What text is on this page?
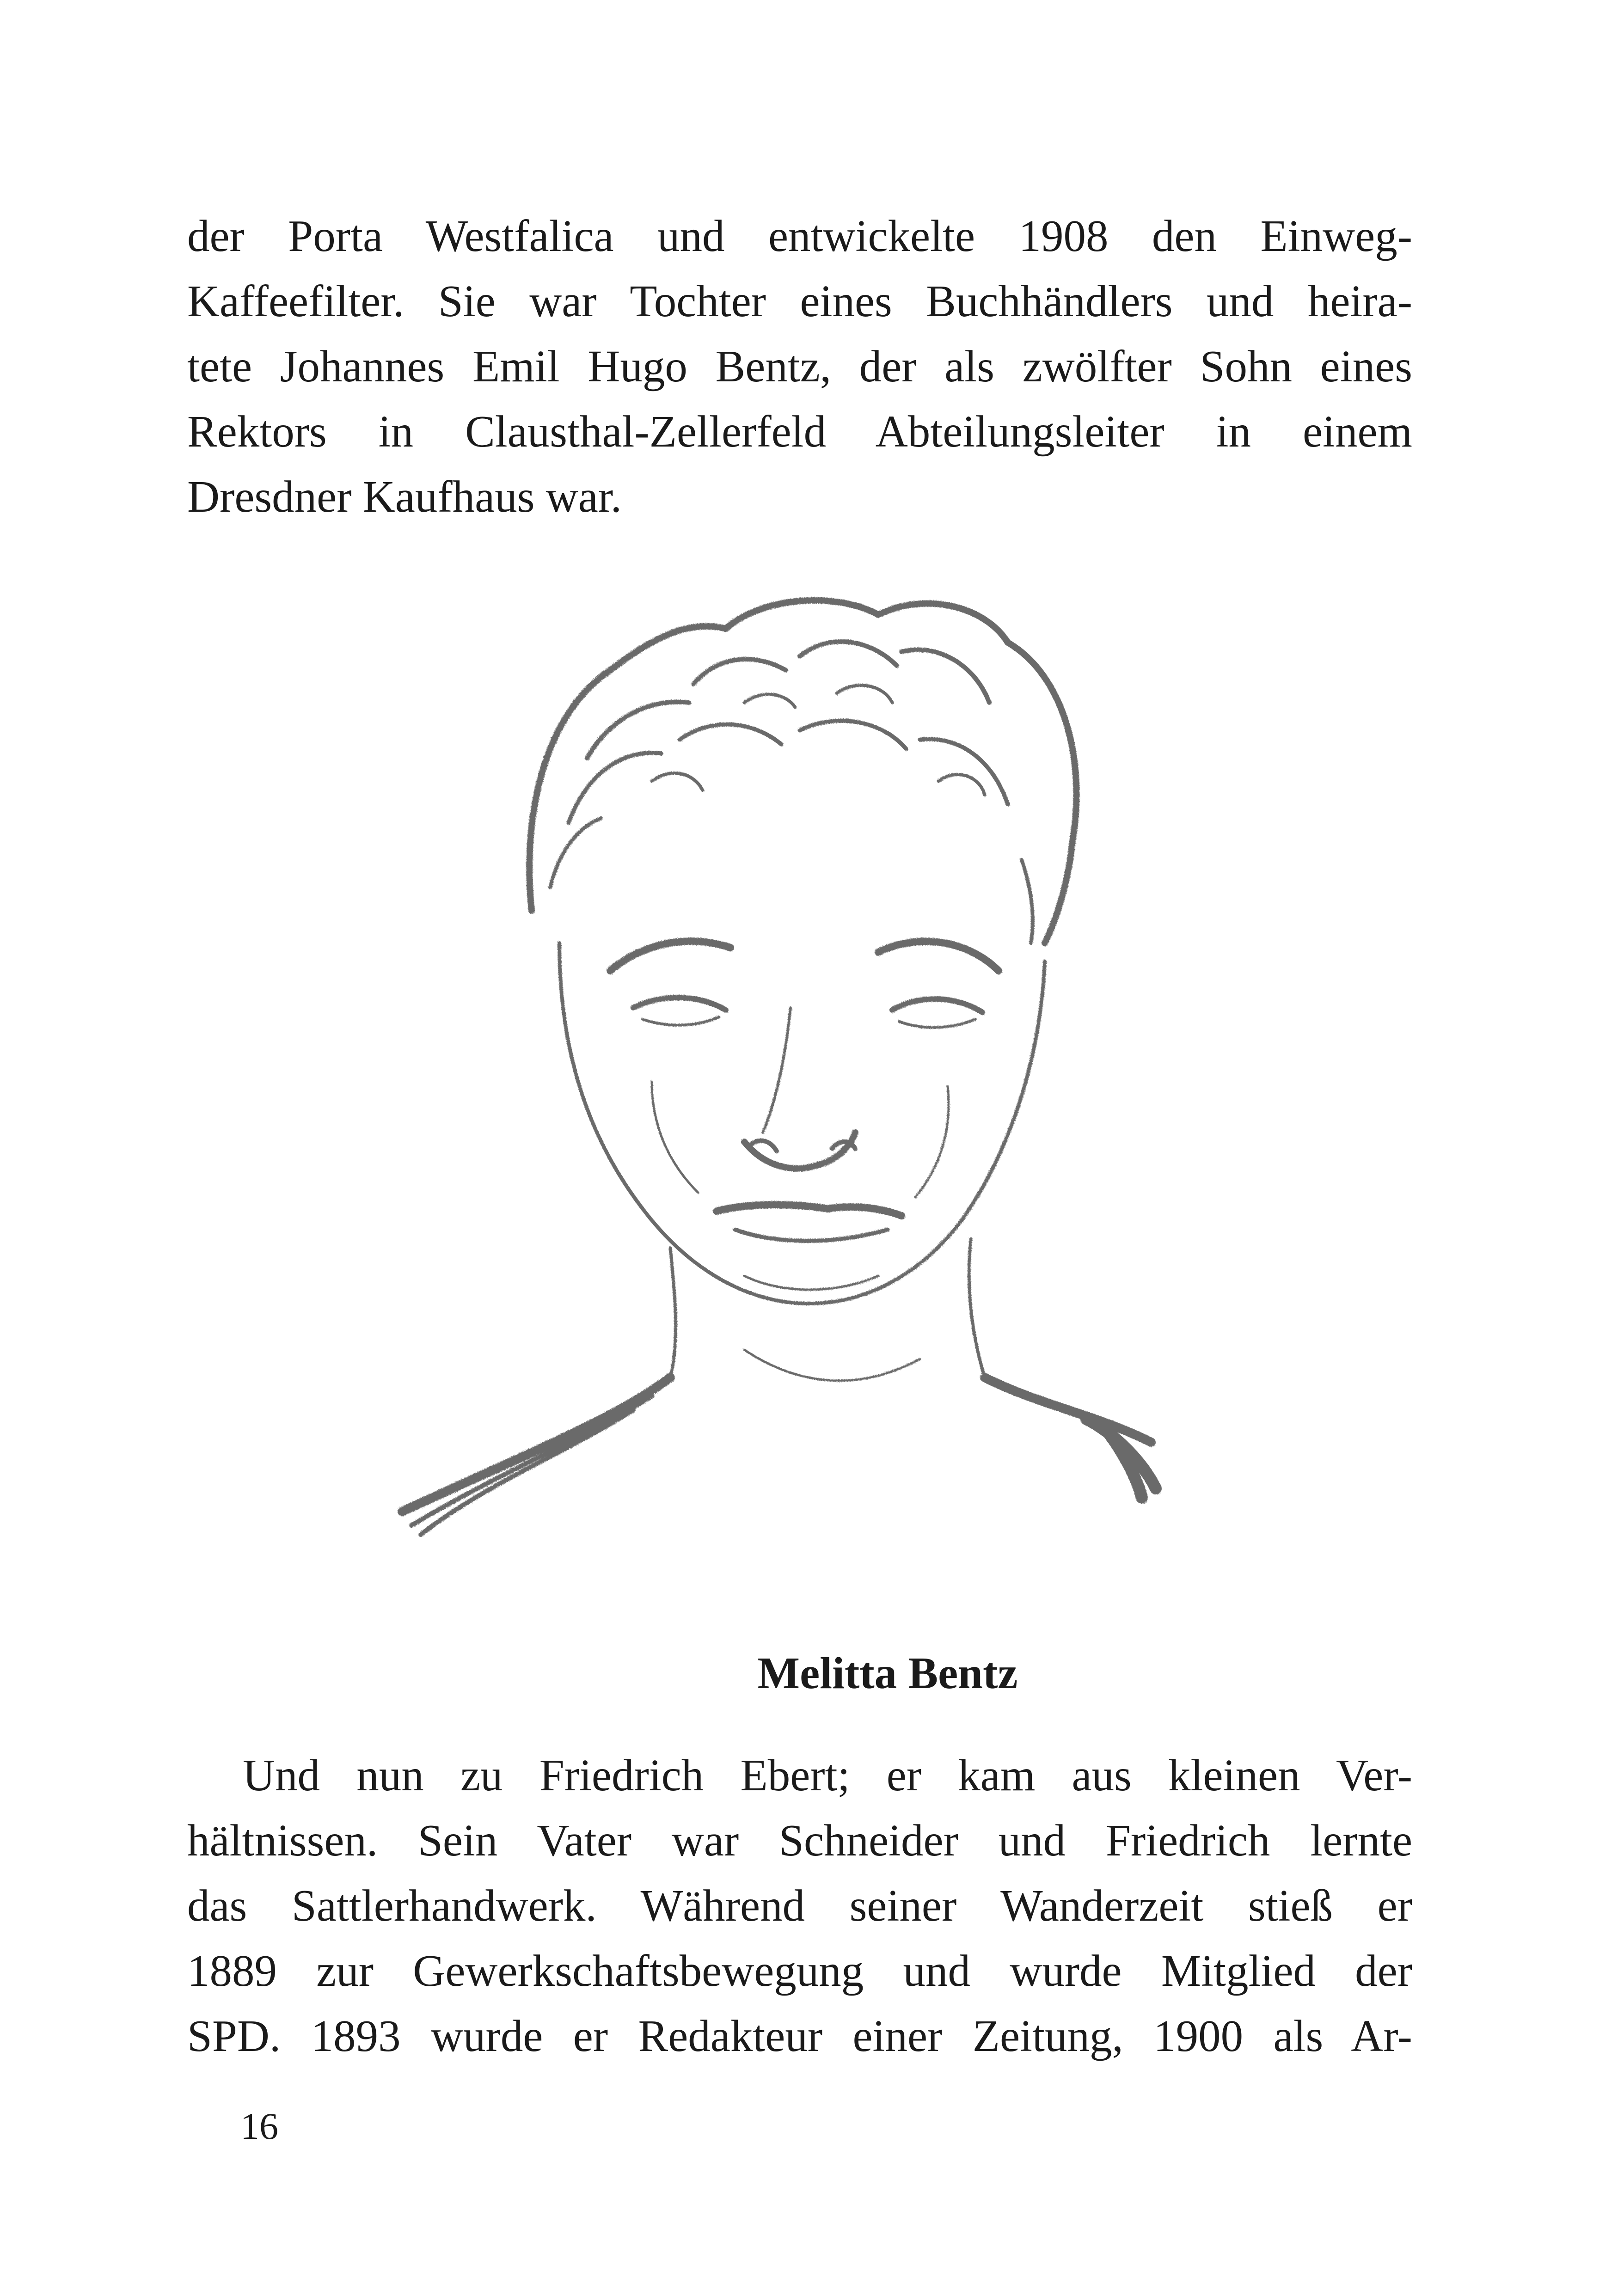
der Porta Westfalica und entwickelte 1908 den Einweg-
Kaffeefilter. Sie war Tochter eines Buchhändlers und heira-
tete Johannes Emil Hugo Bentz, der als zwölfter Sohn eines
Rektors in Clausthal-Zellerfeld Abteilungsleiter in einem
Dresdner Kaufhaus war.
Melitta Bentz
Und nun zu Friedrich Ebert; er kam aus kleinen Ver-
hältnissen. Sein Vater war Schneider und Friedrich lernte
das Sattlerhandwerk. Während seiner Wanderzeit stieß er
1889 zur Gewerkschaftsbewegung und wurde Mitglied der
SPD. 1893 wurde er Redakteur einer Zeitung, 1900 als Ar-
16
